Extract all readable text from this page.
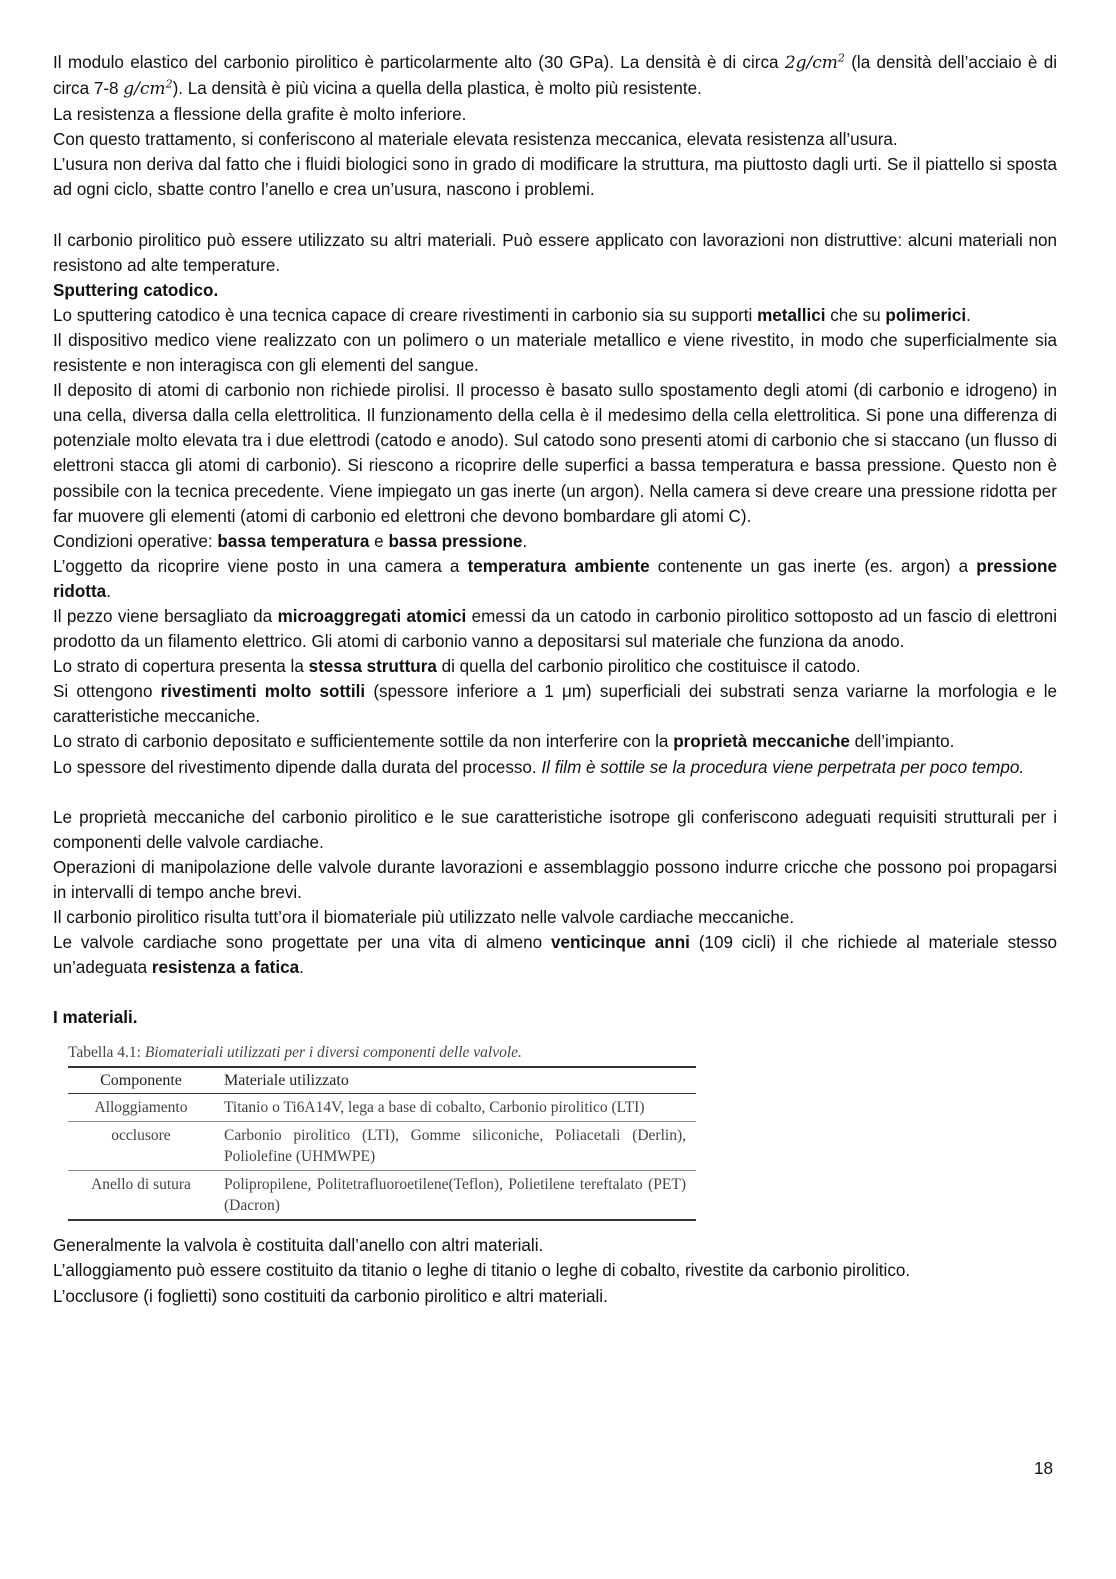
Il modulo elastico del carbonio pirolitico è particolarmente alto (30 GPa). La densità è di circa $2g/cm^2$ (la densità dell’acciaio è di circa 7-8 $g/cm^2$). La densità è più vicina a quella della plastica, è molto più resistente.

La resistenza a flessione della grafite è molto inferiore.

Con questo trattamento, si conferiscono al materiale elevata resistenza meccanica, elevata resistenza all’usura.

L’usura non deriva dal fatto che i fluidi biologici sono in grado di modificare la struttura, ma piuttosto dagli urti. Se il piattello si sposta ad ogni ciclo, sbatte contro l’anello e crea un’usura, nascono i problemi.

Il carbonio pirolitico può essere utilizzato su altri materiali. Può essere applicato con lavorazioni non distruttive: alcuni materiali non resistono ad alte temperature.

Sputtering catodico.

Lo sputtering catodico è una tecnica capace di creare rivestimenti in carbonio sia su supporti metallici che su polimerici.

Il dispositivo medico viene realizzato con un polimero o un materiale metallico e viene rivestito, in modo che superficialmente sia resistente e non interagisca con gli elementi del sangue.

Il deposito di atomi di carbonio non richiede pirolisi. Il processo è basato sullo spostamento degli atomi (di carbonio e idrogeno) in una cella, diversa dalla cella elettrolitica. Il funzionamento della cella è il medesimo della cella elettrolitica. Si pone una differenza di potenziale molto elevata tra i due elettrodi (catodo e anodo). Sul catodo sono presenti atomi di carbonio che si staccano (un flusso di elettroni stacca gli atomi di carbonio). Si riescono a ricoprire delle superfici a bassa temperatura e bassa pressione. Questo non è possibile con la tecnica precedente. Viene impiegato un gas inerte (un argon). Nella camera si deve creare una pressione ridotta per far muovere gli elementi (atomi di carbonio ed elettroni che devono bombardare gli atomi C).

Condizioni operative: bassa temperatura e bassa pressione.

L’oggetto da ricoprire viene posto in una camera a temperatura ambiente contenente un gas inerte (es. argon) a pressione ridotta.

Il pezzo viene bersagliato da microaggregati atomici emessi da un catodo in carbonio pirolitico sottoposto ad un fascio di elettroni prodotto da un filamento elettrico. Gli atomi di carbonio vanno a depositarsi sul materiale che funziona da anodo.

Lo strato di copertura presenta la stessa struttura di quella del carbonio pirolitico che costituisce il catodo.

Si ottengono rivestimenti molto sottili (spessore inferiore a 1 μm) superficiali dei substrati senza variarne la morfologia e le caratteristiche meccaniche.

Lo strato di carbonio depositato e sufficientemente sottile da non interferire con la proprietà meccaniche dell’impianto.

Lo spessore del rivestimento dipende dalla durata del processo. Il film è sottile se la procedura viene perpetrata per poco tempo.

Le proprietà meccaniche del carbonio pirolitico e le sue caratteristiche isotrope gli conferiscono adeguati requisiti strutturali per i componenti delle valvole cardiache.

Operazioni di manipolazione delle valvole durante lavorazioni e assemblaggio possono indurre cricche che possono poi propagarsi in intervalli di tempo anche brevi.

Il carbonio pirolitico risulta tutt’ora il biomateriale più utilizzato nelle valvole cardiache meccaniche.

Le valvole cardiache sono progettate per una vita di almeno venticinque anni (109 cicli) il che richiede al materiale stesso un’adeguata resistenza a fatica.

I materiali.

Tabella 4.1: Biomateriali utilizzati per i diversi componenti delle valvole.
Componente	Materiale utilizzato
Alloggiamento	Titanio o Ti6A14V, lega a base di cobalto, Carbonio pirolitico (LTI)
occlusore	Carbonio pirolitico (LTI), Gomme siliconiche, Poliacetali (Derlin), Poliolefine (UHMWPE)
Anello di sutura	Polipropilene, Politetrafluoroetilene(Teflon), Polietilene tereftalato (PET) (Dacron)

Generalmente la valvola è costituita dall’anello con altri materiali.

L’alloggiamento può essere costituito da titanio o leghe di titanio o leghe di cobalto, rivestite da carbonio pirolitico.

L’occlusore (i foglietti) sono costituiti da carbonio pirolitico e altri materiali.

18
